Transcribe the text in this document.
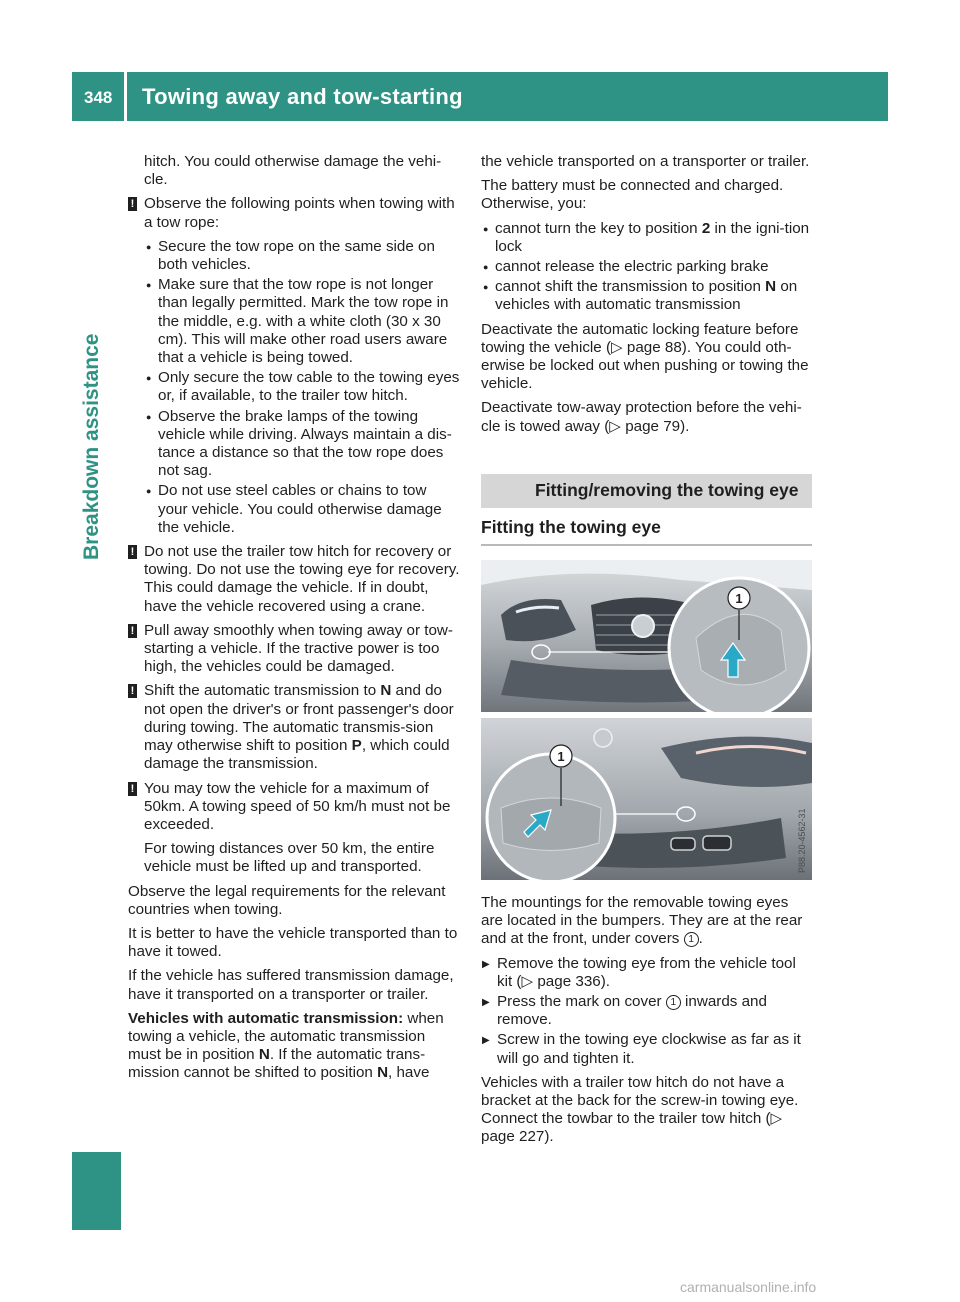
348 Towing away and tow-starting
Breakdown assistance

hitch. You could otherwise damage the vehi-cle.

! Observe the following points when towing with a tow rope:
● Secure the tow rope on the same side on both vehicles.
● Make sure that the tow rope is not longer than legally permitted. Mark the tow rope in the middle, e.g. with a white cloth (30 x 30 cm). This will make other road users aware that a vehicle is being towed.
● Only secure the tow cable to the towing eyes or, if available, to the trailer tow hitch.
● Observe the brake lamps of the towing vehicle while driving. Always maintain a dis-tance a distance so that the tow rope does not sag.
● Do not use steel cables or chains to tow your vehicle. You could otherwise damage the vehicle.
! Do not use the trailer tow hitch for recovery or towing. Do not use the towing eye for recovery. This could damage the vehicle. If in doubt, have the vehicle recovered using a crane.
! Pull away smoothly when towing away or tow-starting a vehicle. If the tractive power is too high, the vehicles could be damaged.
! Shift the automatic transmission to N and do not open the driver's or front passenger's door during towing. The automatic transmis-sion may otherwise shift to position P, which could damage the transmission.
! You may tow the vehicle for a maximum of 50km. A towing speed of 50 km/h must not be exceeded.
For towing distances over 50 km, the entire vehicle must be lifted up and transported.

Observe the legal requirements for the relevant countries when towing.

It is better to have the vehicle transported than to have it towed.

If the vehicle has suffered transmission damage, have it transported on a transporter or trailer.

Vehicles with automatic transmission: when towing a vehicle, the automatic transmission must be in position N. If the automatic trans-mission cannot be shifted to position N, have

the vehicle transported on a transporter or trailer.

The battery must be connected and charged. Otherwise, you:

● cannot turn the key to position 2 in the igni-tion lock
● cannot release the electric parking brake
● cannot shift the transmission to position N on vehicles with automatic transmission

Deactivate the automatic locking feature before towing the vehicle (▷ page 88). You could oth-erwise be locked out when pushing or towing the vehicle.

Deactivate tow-away protection before the vehi-cle is towed away (▷ page 79).

Fitting/removing the towing eye
Fitting the towing eye
1
1
P88.20-4562-31

The mountings for the removable towing eyes are located in the bumpers. They are at the rear and at the front, under covers 1 .

▶ Remove the towing eye from the vehicle tool kit (▷ page 336).
▶ Press the mark on cover 1 inwards and remove.
▶ Screw in the towing eye clockwise as far as it will go and tighten it.

Vehicles with a trailer tow hitch do not have a bracket at the back for the screw-in towing eye. Connect the towbar to the trailer tow hitch (▷ page 227).

carmanualsonline.info
